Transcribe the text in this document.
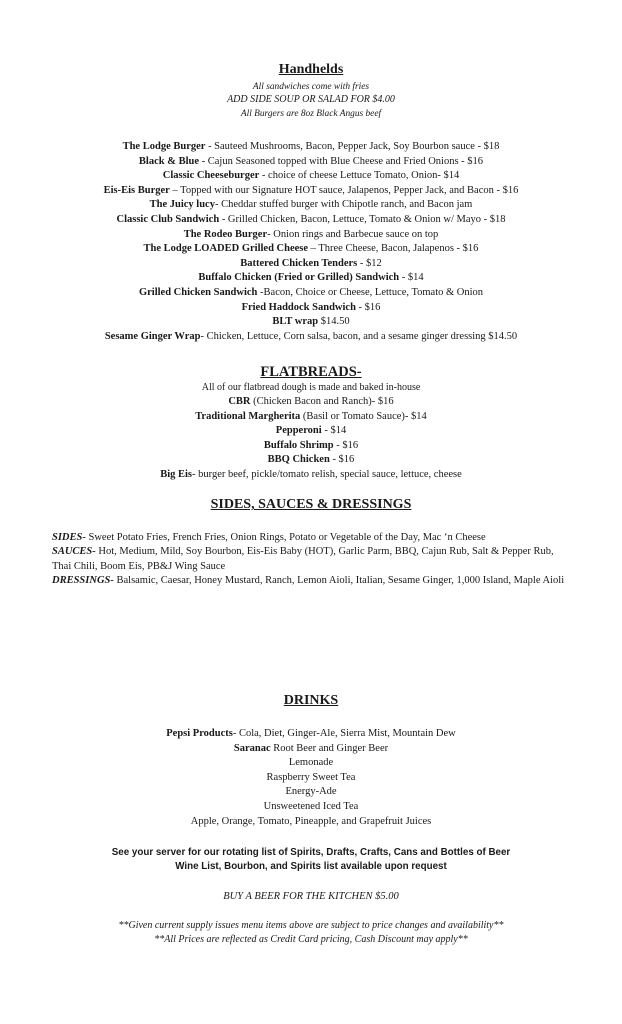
Handhelds
All sandwiches come with fries
ADD SIDE SOUP OR SALAD FOR $4.00
All Burgers are 8oz Black Angus beef
The Lodge Burger - Sauteed Mushrooms, Bacon, Pepper Jack, Soy Bourbon sauce - $18
Black & Blue - Cajun Seasoned topped with Blue Cheese and Fried Onions - $16
Classic Cheeseburger - choice of cheese Lettuce Tomato, Onion- $14
Eis-Eis Burger – Topped with our Signature HOT sauce, Jalapenos, Pepper Jack, and Bacon - $16
The Juicy lucy- Cheddar stuffed burger with Chipotle ranch, and Bacon jam
Classic Club Sandwich - Grilled Chicken, Bacon, Lettuce, Tomato & Onion w/ Mayo - $18
The Rodeo Burger- Onion rings and Barbecue sauce on top
The Lodge LOADED Grilled Cheese – Three Cheese, Bacon, Jalapenos - $16
Battered Chicken Tenders - $12
Buffalo Chicken (Fried or Grilled) Sandwich - $14
Grilled Chicken Sandwich -Bacon, Choice or Cheese, Lettuce, Tomato & Onion
Fried Haddock Sandwich - $16
BLT wrap $14.50
Sesame Ginger Wrap- Chicken, Lettuce, Corn salsa, bacon, and a sesame ginger dressing $14.50
FLATBREADS-
All of our flatbread dough is made and baked in-house
CBR (Chicken Bacon and Ranch)- $16
Traditional Margherita (Basil or Tomato Sauce)- $14
Pepperoni - $14
Buffalo Shrimp - $16
BBQ Chicken - $16
Big Eis- burger beef, pickle/tomato relish, special sauce, lettuce, cheese
SIDES, SAUCES & DRESSINGS
SIDES- Sweet Potato Fries, French Fries, Onion Rings, Potato or Vegetable of the Day, Mac ‘n Cheese
SAUCES- Hot, Medium, Mild, Soy Bourbon, Eis-Eis Baby (HOT), Garlic Parm, BBQ, Cajun Rub, Salt & Pepper Rub, Thai Chili, Boom Eis, PB&J Wing Sauce
DRESSINGS- Balsamic, Caesar, Honey Mustard, Ranch, Lemon Aioli, Italian, Sesame Ginger, 1,000 Island, Maple Aioli
DRINKS
Pepsi Products- Cola, Diet, Ginger-Ale, Sierra Mist, Mountain Dew
Saranac Root Beer and Ginger Beer
Lemonade
Raspberry Sweet Tea
Energy-Ade
Unsweetened Iced Tea
Apple, Orange, Tomato, Pineapple, and Grapefruit Juices
See your server for our rotating list of Spirits, Drafts, Crafts, Cans and Bottles of Beer
Wine List, Bourbon, and Spirits list available upon request
BUY A BEER FOR THE KITCHEN $5.00
**Given current supply issues menu items above are subject to price changes and availability**
**All Prices are reflected as Credit Card pricing, Cash Discount may apply**
